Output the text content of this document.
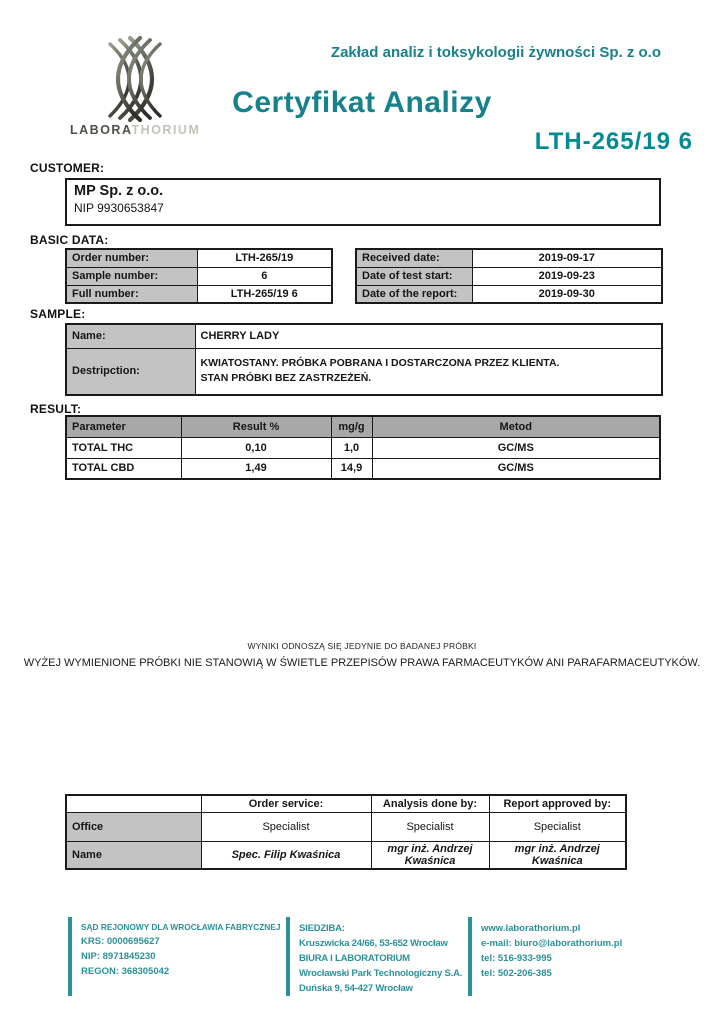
LABORATHORIUM
Zakład analiz i toksykologii żywności Sp. z o.o
Certyfikat Analizy
LTH-265/19 6
CUSTOMER:
MP Sp. z o.o.
NIP 9930653847
BASIC DATA:
Order number:	LTH-265/19
Sample number:	6
Full number:	LTH-265/19 6
Received date:	2019-09-17
Date of test start:	2019-09-23
Date of the report:	2019-09-30
SAMPLE:
Name:	CHERRY LADY
Destripction:	KWIATOSTANY. PRÓBKA POBRANA I DOSTARCZONA PRZEZ KLIENTA. STAN PRÓBKI BEZ ZASTRZEŻEŃ.
RESULT:
Parameter	Result %	mg/g	Metod
TOTAL THC	0,10	1,0	GC/MS
TOTAL CBD	1,49	14,9	GC/MS
WYNIKI ODNOSZĄ SIĘ JEDYNIE DO BADANEJ PRÓBKI
WYŻEJ WYMIENIONE PRÓBKI NIE STANOWIĄ W ŚWIETLE PRZEPISÓW PRAWA FARMACEUTYKÓW ANI PARAFARMACEUTYKÓW.
	Order service:	Analysis done by:	Report approved by:
Office	Specialist	Specialist	Specialist
Name	Spec. Filip Kwaśnica	mgr inż. Andrzej Kwaśnica	mgr inż. Andrzej Kwaśnica
SĄD REJONOWY DLA WROCŁAWIA FABRYCZNEJ
KRS: 0000695627
NIP: 8971845230
REGON: 368305042
SIEDZIBA:
Kruszwicka 24/66, 53-652 Wrocław
BIURA I LABORATORIUM
Wrocławski Park Technologiczny S.A.
Duńska 9, 54-427 Wrocław
www.laborathorium.pl
e-mail: biuro@laborathorium.pl
tel: 516-933-995
tel: 502-206-385
